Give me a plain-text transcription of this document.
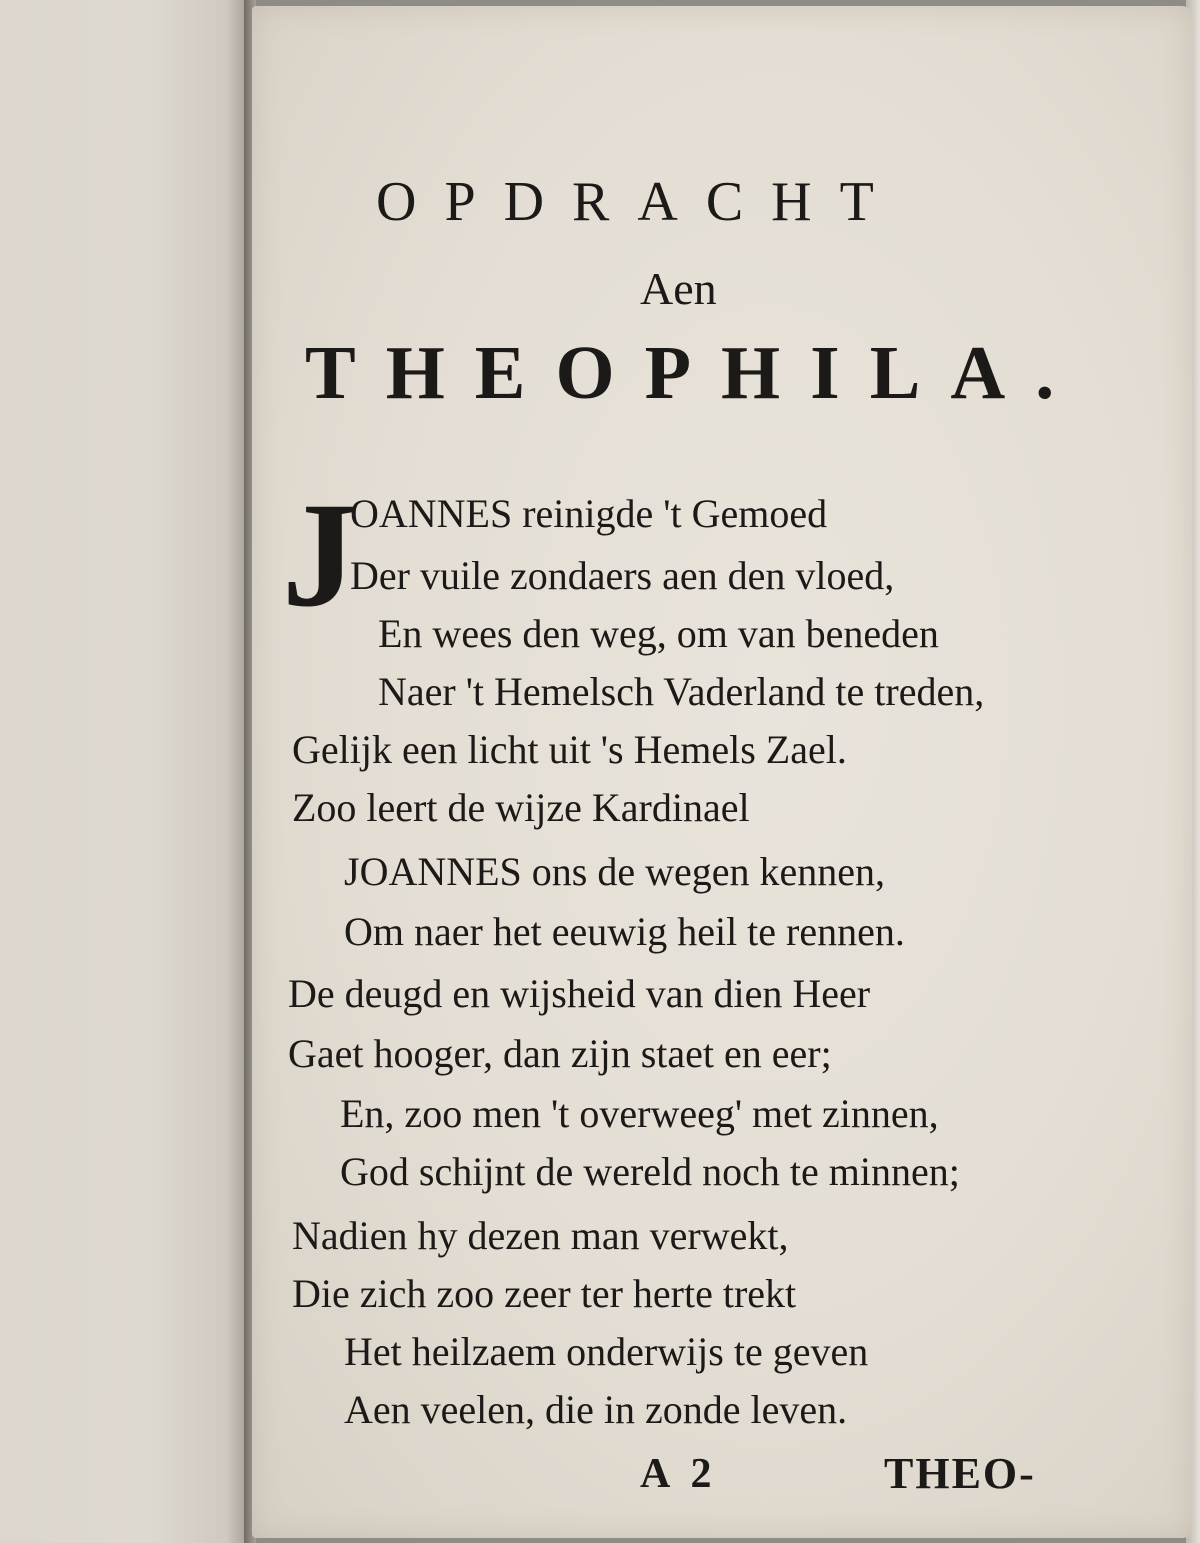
OPDRACHT
Aen
THEOPHILA.
J
OANNES reinigde 't Gemoed
Der vuile zondaers aen den vloed,
En wees den weg, om van beneden
Naer 't Hemelsch Vaderland te treden,
Gelijk een licht uit 's Hemels Zael.
Zoo leert de wijze Kardinael
JOANNES ons de wegen kennen,
Om naer het eeuwig heil te rennen.
De deugd en wijsheid van dien Heer
Gaet hooger, dan zijn staet en eer;
En, zoo men 't overweeg' met zinnen,
God schijnt de wereld noch te minnen;
Nadien hy dezen man verwekt,
Die zich zoo zeer ter herte trekt
Het heilzaem onderwijs te geven
Aen veelen, die in zonde leven.
A 2	THEO-
